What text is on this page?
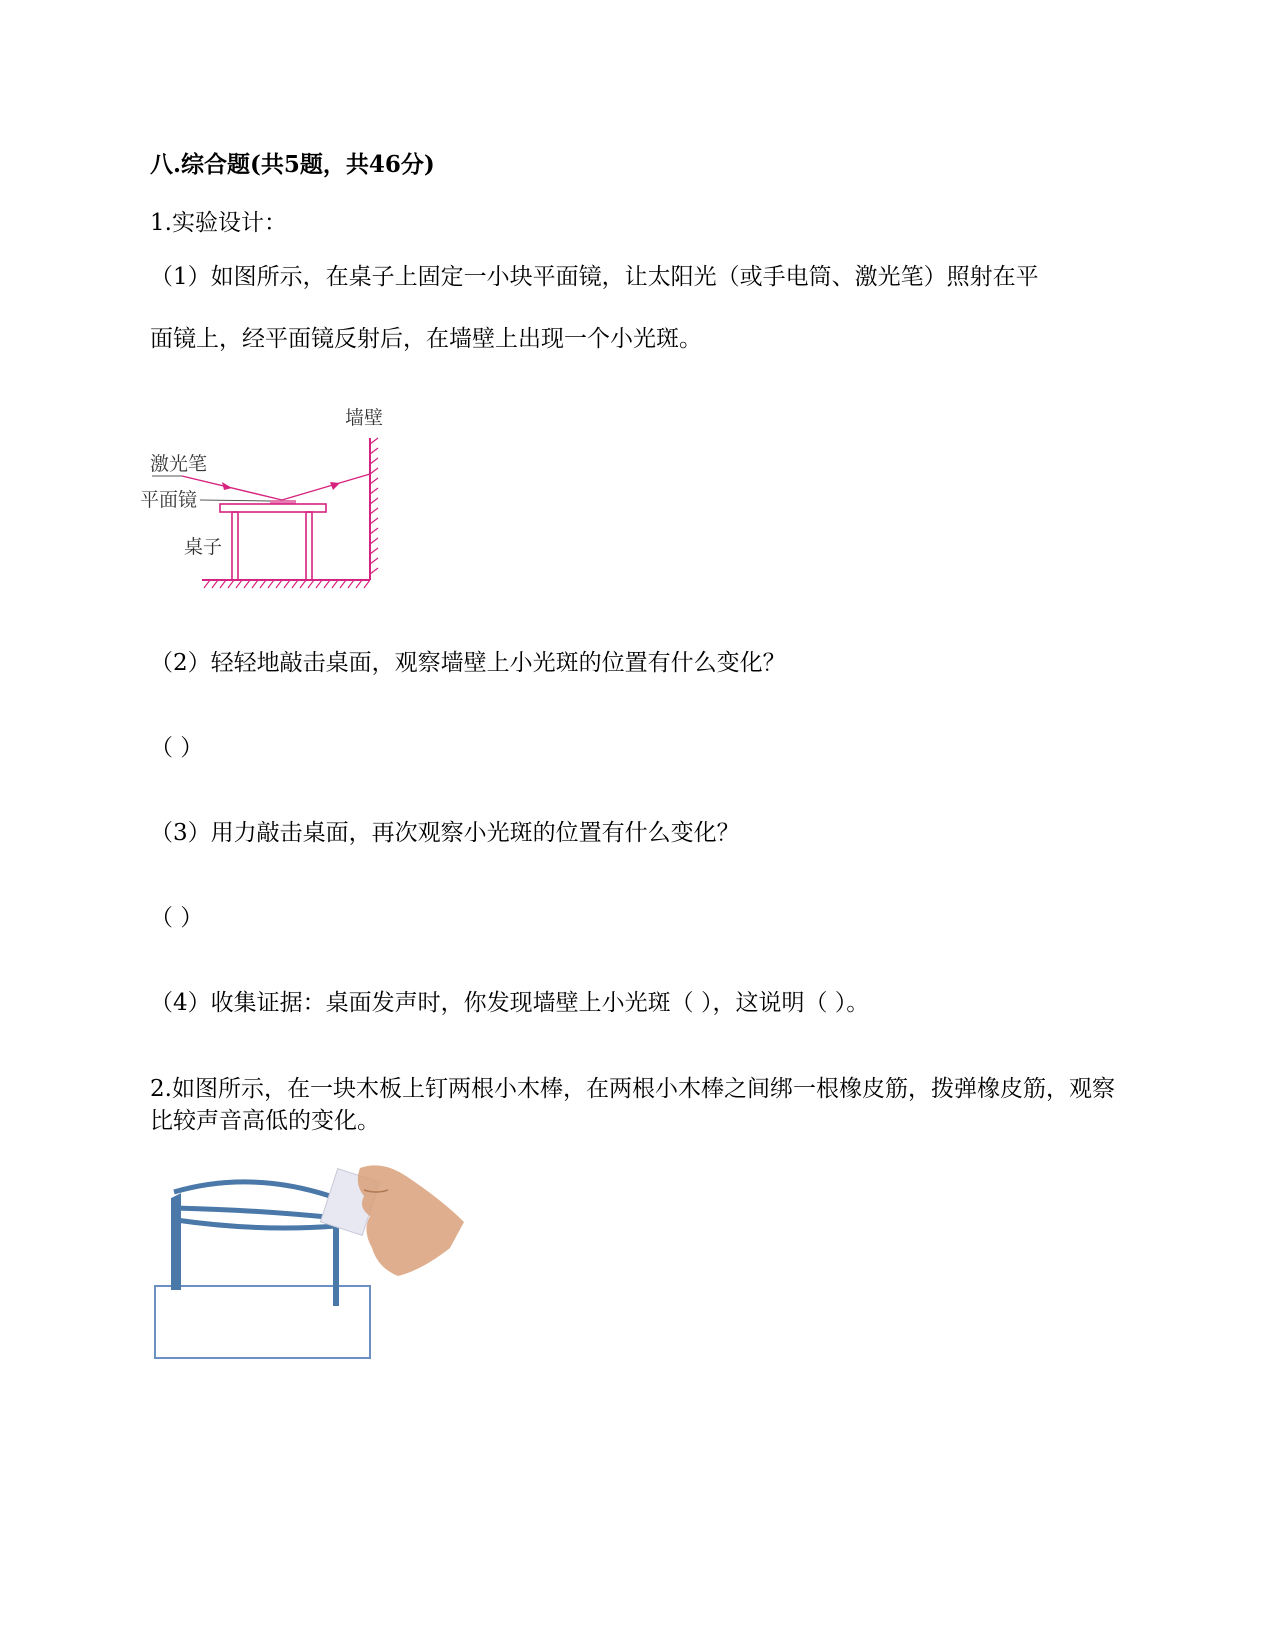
八.综合题(共5题，共46分)
1.实验设计：
（1）如图所示，在桌子上固定一小块平面镜，让太阳光（或手电筒、激光笔）照射在平
面镜上，经平面镜反射后，在墙壁上出现一个小光斑。
墙壁
激光笔
平面镜
桌子
（2）轻轻地敲击桌面，观察墙壁上小光斑的位置有什么变化？
（ ）
（3）用力敲击桌面，再次观察小光斑的位置有什么变化？
（ ）
（4）收集证据：桌面发声时，你发现墙壁上小光斑（ ），这说明（ ）。
2.如图所示，在一块木板上钉两根小木棒，在两根小木棒之间绑一根橡皮筋，拨弹橡皮筋，观察比较声音高低的变化。
